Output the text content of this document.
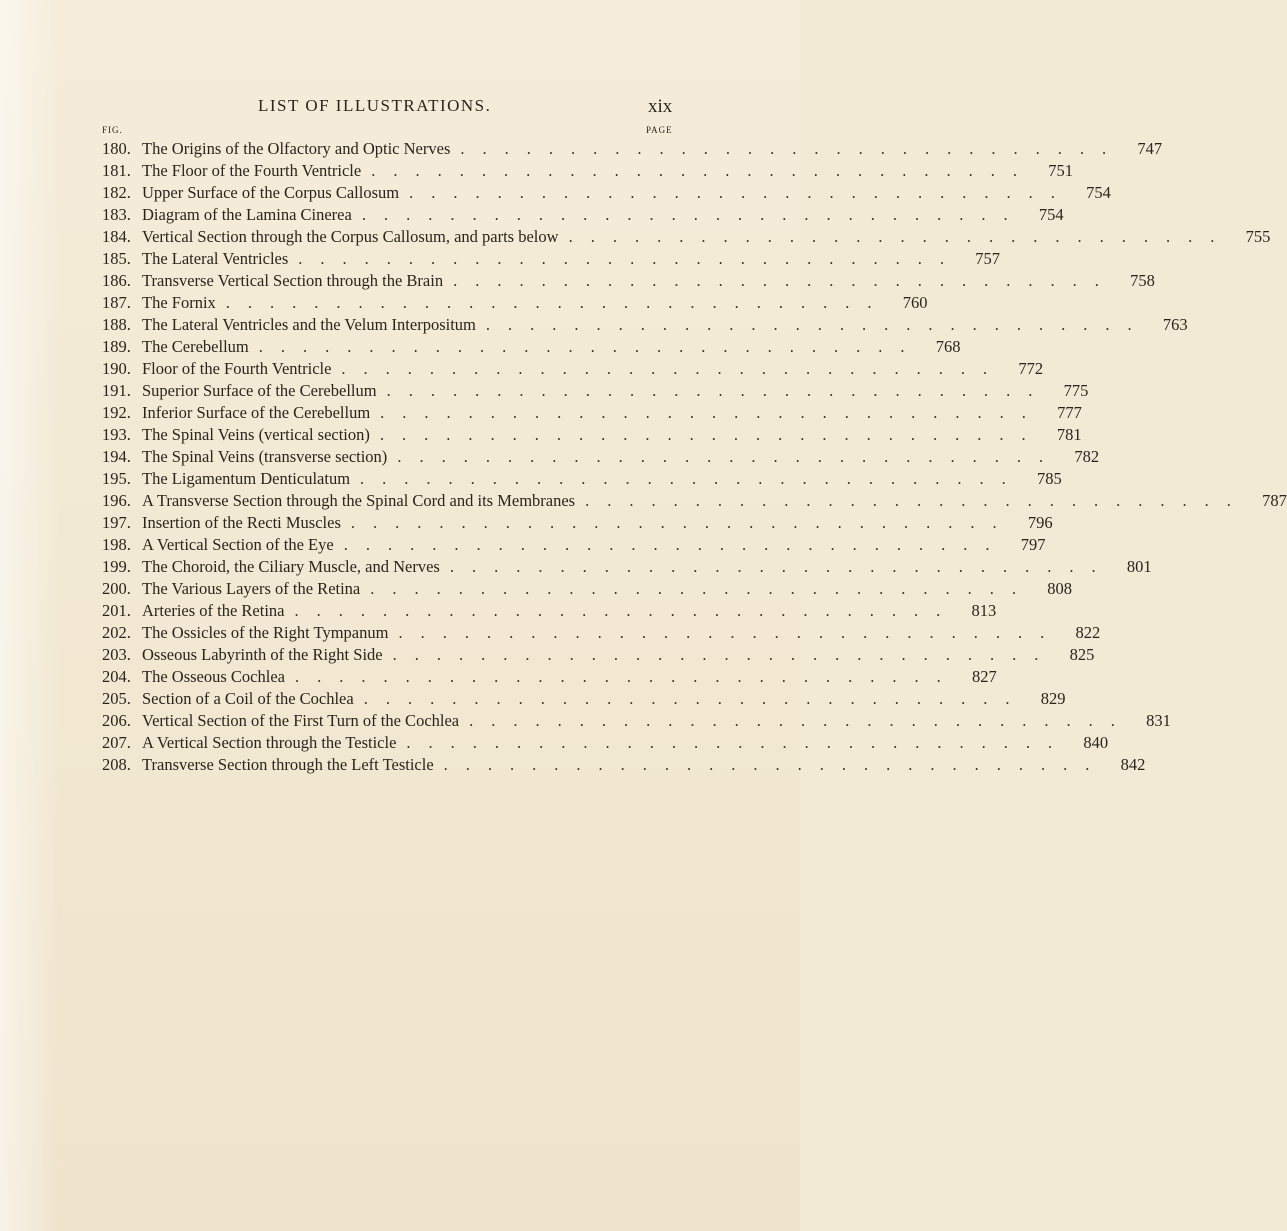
LIST OF ILLUSTRATIONS.	xix
FIG.	PAGE
180. The Origins of the Olfactory and Optic Nerves .............................. 747
181. The Floor of the Fourth Ventricle .............................. 751
182. Upper Surface of the Corpus Callosum .............................. 754
183. Diagram of the Lamina Cinerea .............................. 754
184. Vertical Section through the Corpus Callosum, and parts below .............................. 755
185. The Lateral Ventricles .............................. 757
186. Transverse Vertical Section through the Brain .............................. 758
187. The Fornix .............................. 760
188. The Lateral Ventricles and the Velum Interpositum .............................. 763
189. The Cerebellum .............................. 768
190. Floor of the Fourth Ventricle .............................. 772
191. Superior Surface of the Cerebellum .............................. 775
192. Inferior Surface of the Cerebellum .............................. 777
193. The Spinal Veins (vertical section) .............................. 781
194. The Spinal Veins (transverse section) .............................. 782
195. The Ligamentum Denticulatum .............................. 785
196. A Transverse Section through the Spinal Cord and its Membranes .............................. 787
197. Insertion of the Recti Muscles .............................. 796
198. A Vertical Section of the Eye .............................. 797
199. The Choroid, the Ciliary Muscle, and Nerves .............................. 801
200. The Various Layers of the Retina .............................. 808
201. Arteries of the Retina .............................. 813
202. The Ossicles of the Right Tympanum .............................. 822
203. Osseous Labyrinth of the Right Side .............................. 825
204. The Osseous Cochlea .............................. 827
205. Section of a Coil of the Cochlea .............................. 829
206. Vertical Section of the First Turn of the Cochlea .............................. 831
207. A Vertical Section through the Testicle .............................. 840
208. Transverse Section through the Left Testicle .............................. 842
